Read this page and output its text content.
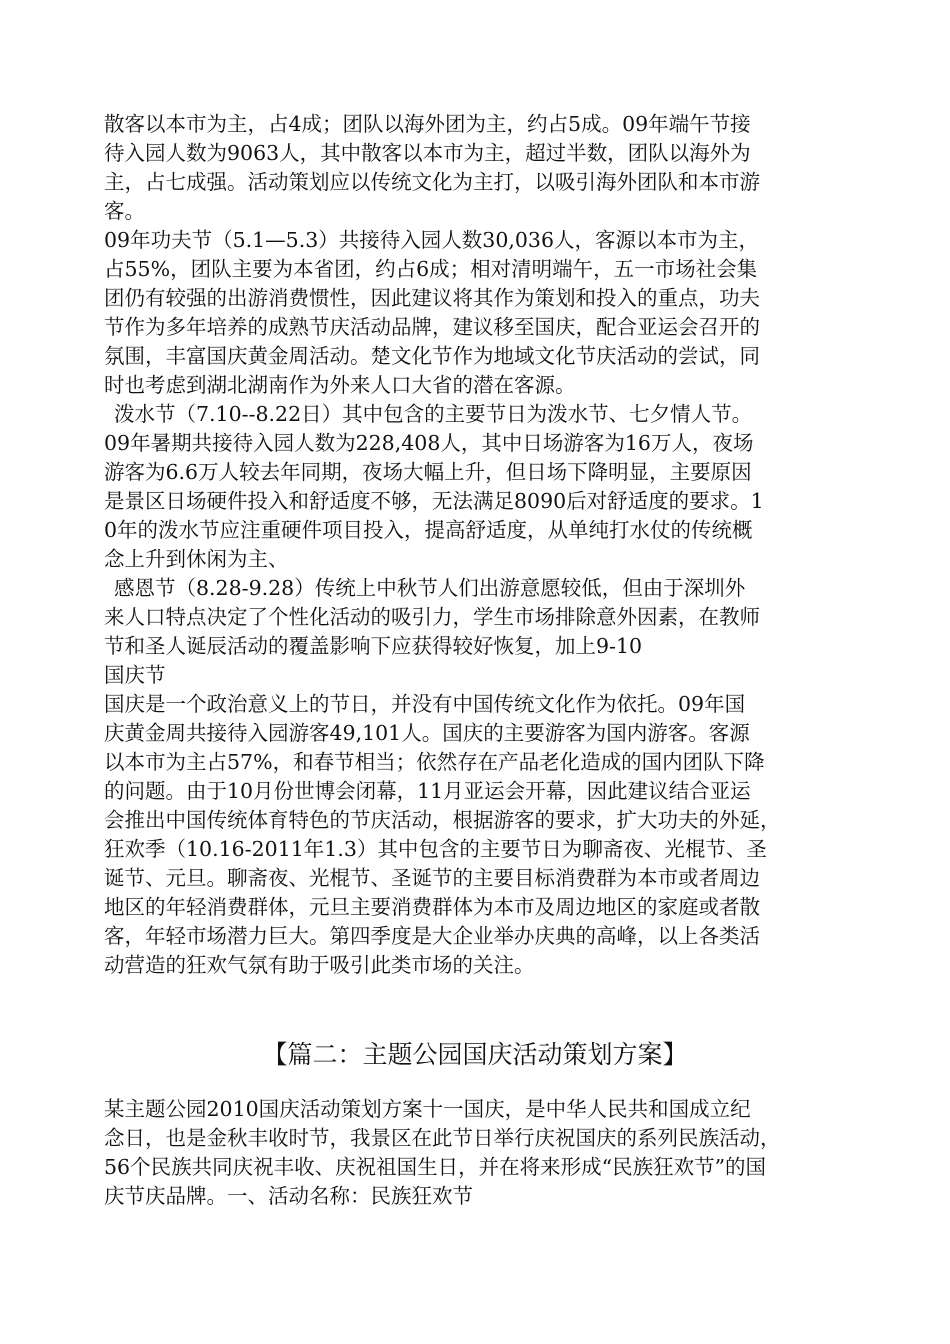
散客以本市为主，占4成；团队以海外团为主，约占5成。09年端午节接
待入园人数为9063人，其中散客以本市为主，超过半数，团队以海外为
主，占七成强。活动策划应以传统文化为主打，以吸引海外团队和本市游
客。
09年功夫节（5.1—5.3）共接待入园人数30,036人，客源以本市为主，
占55%，团队主要为本省团，约占6成；相对清明端午，五一市场社会集
团仍有较强的出游消费惯性，因此建议将其作为策划和投入的重点，功夫
节作为多年培养的成熟节庆活动品牌，建议移至国庆，配合亚运会召开的
氛围，丰富国庆黄金周活动。楚文化节作为地域文化节庆活动的尝试，同
时也考虑到湖北湖南作为外来人口大省的潜在客源。
泼水节（7.10--8.22日）其中包含的主要节日为泼水节、七夕情人节。
09年暑期共接待入园人数为228,408人，其中日场游客为16万人，夜场
游客为6.6万人较去年同期，夜场大幅上升，但日场下降明显，主要原因
是景区日场硬件投入和舒适度不够，无法满足8090后对舒适度的要求。1
0年的泼水节应注重硬件项目投入，提高舒适度，从单纯打水仗的传统概
念上升到休闲为主、
感恩节（8.28-9.28）传统上中秋节人们出游意愿较低，但由于深圳外
来人口特点决定了个性化活动的吸引力，学生市场排除意外因素，在教师
节和圣人诞辰活动的覆盖影响下应获得较好恢复，加上9-10
国庆节
国庆是一个政治意义上的节日，并没有中国传统文化作为依托。09年国
庆黄金周共接待入园游客49,101人。国庆的主要游客为国内游客。客源
以本市为主占57%，和春节相当；依然存在产品老化造成的国内团队下降
的问题。由于10月份世博会闭幕，11月亚运会开幕，因此建议结合亚运
会推出中国传统体育特色的节庆活动，根据游客的要求，扩大功夫的外延，
狂欢季（10.16-2011年1.3）其中包含的主要节日为聊斋夜、光棍节、圣
诞节、元旦。聊斋夜、光棍节、圣诞节的主要目标消费群为本市或者周边
地区的年轻消费群体，元旦主要消费群体为本市及周边地区的家庭或者散
客，年轻市场潜力巨大。第四季度是大企业举办庆典的高峰，以上各类活
动营造的狂欢气氛有助于吸引此类市场的关注。
【篇二：主题公园国庆活动策划方案】
某主题公园2010国庆活动策划方案十一国庆，是中华人民共和国成立纪
念日，也是金秋丰收时节，我景区在此节日举行庆祝国庆的系列民族活动，
56个民族共同庆祝丰收、庆祝祖国生日，并在将来形成“民族狂欢节”的国
庆节庆品牌。一、活动名称：民族狂欢节
